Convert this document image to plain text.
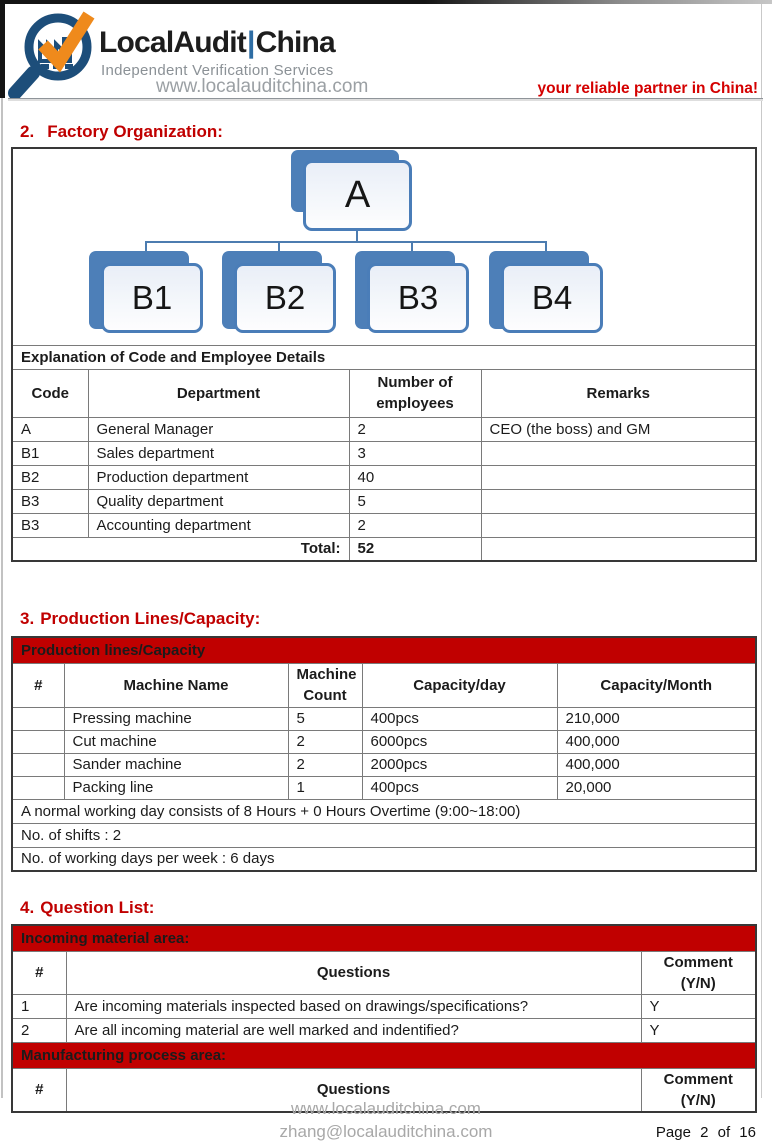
LocalAudit|China
Independent Verification Services
www.localauditchina.com	your reliable partner in China!
2. Factory Organization:
A
B1 B2 B3 B4			

Explanation of Code and Employee Details			
Code	Department	Number of employees	Remarks
A	General Manager	2	CEO (the boss) and GM
B1	Sales department	3	
B2	Production department	40	
B3	Quality department	5	
B3	Accounting department	2	
Total:		52	
3. Production Lines/Capacity:
Production lines/Capacity				
#	Machine Name	Machine Count	Capacity/day	Capacity/Month
	Pressing machine	5	400pcs	210,000
	Cut machine	2	6000pcs	400,000
	Sander machine	2	2000pcs	400,000
	Packing line	1	400pcs	20,000
A normal working day consists of 8 Hours + 0 Hours Overtime (9:00~18:00)				
No. of shifts : 2				
No. of working days per week : 6 days				
4. Question List:
Incoming material area:		
#	Questions	Comment (Y/N)
1	Are incoming materials inspected based on drawings/specifications?	Y
2	Are all incoming material are well marked and indentified?	Y
Manufacturing process area:		
#	Questions	Comment (Y/N)
www.localauditchina.com
zhang@localauditchina.com	Page 2 of 16
